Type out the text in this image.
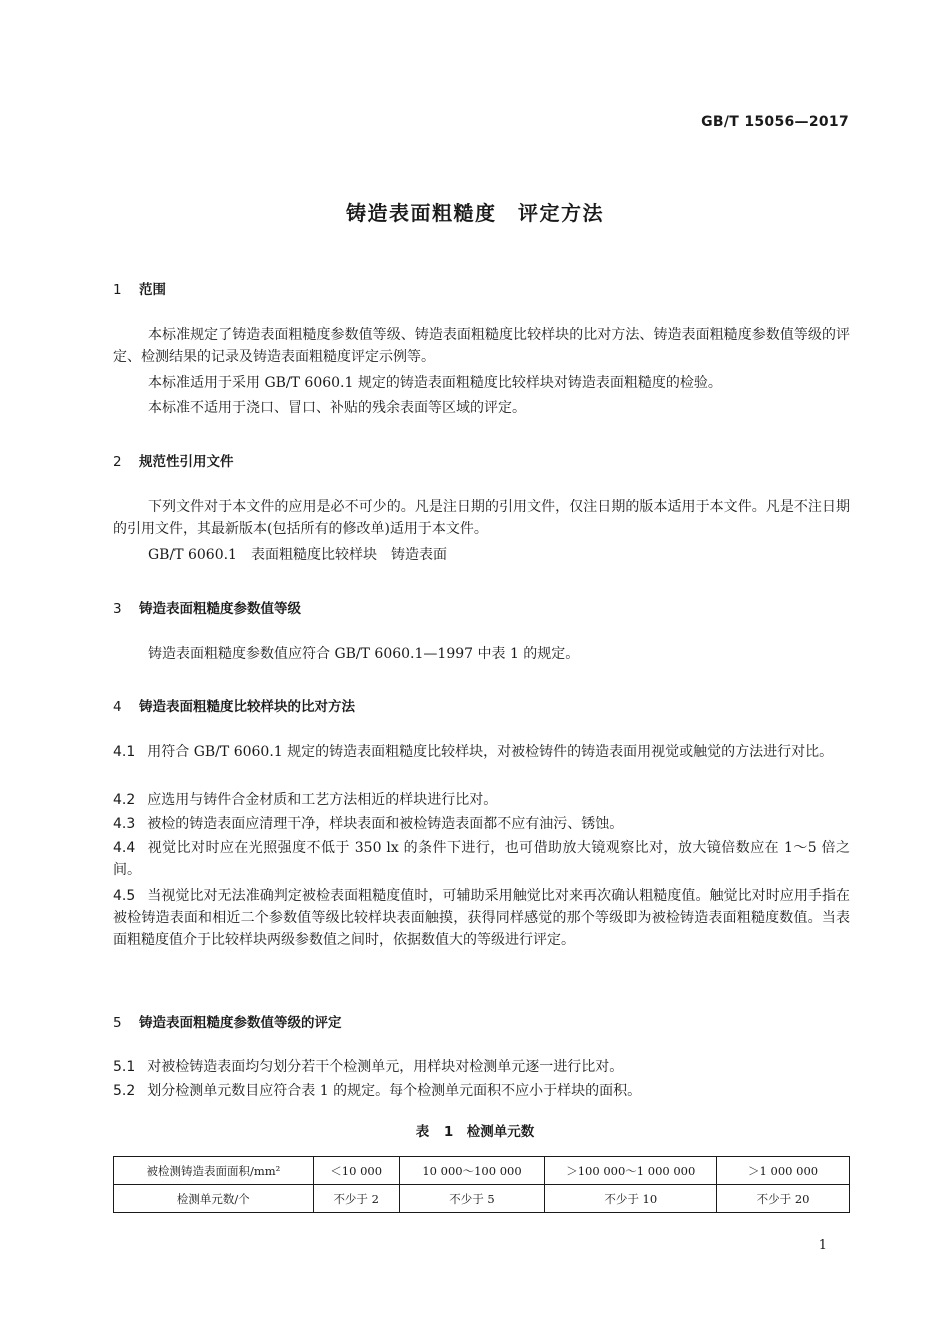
GB/T 15056—2017
铸造表面粗糙度　评定方法
1 范围
本标准规定了铸造表面粗糙度参数值等级、铸造表面粗糙度比较样块的比对方法、铸造表面粗糙度参数值等级的评定、检测结果的记录及铸造表面粗糙度评定示例等。
本标准适用于采用 GB/T 6060.1 规定的铸造表面粗糙度比较样块对铸造表面粗糙度的检验。
本标准不适用于浇口、冒口、补贴的残余表面等区域的评定。
2 规范性引用文件
下列文件对于本文件的应用是必不可少的。凡是注日期的引用文件，仅注日期的版本适用于本文件。凡是不注日期的引用文件，其最新版本(包括所有的修改单)适用于本文件。
GB/T 6060.1　表面粗糙度比较样块　铸造表面
3 铸造表面粗糙度参数值等级
铸造表面粗糙度参数值应符合 GB/T 6060.1—1997 中表 1 的规定。
4 铸造表面粗糙度比较样块的比对方法
4.1 用符合 GB/T 6060.1 规定的铸造表面粗糙度比较样块，对被检铸件的铸造表面用视觉或触觉的方法进行对比。
4.2 应选用与铸件合金材质和工艺方法相近的样块进行比对。
4.3 被检的铸造表面应清理干净，样块表面和被检铸造表面都不应有油污、锈蚀。
4.4 视觉比对时应在光照强度不低于 350 lx 的条件下进行，也可借助放大镜观察比对，放大镜倍数应在 1～5 倍之间。
4.5 当视觉比对无法准确判定被检表面粗糙度值时，可辅助采用触觉比对来再次确认粗糙度值。触觉比对时应用手指在被检铸造表面和相近二个参数值等级比较样块表面触摸，获得同样感觉的那个等级即为被检铸造表面粗糙度数值。当表面粗糙度值介于比较样块两级参数值之间时，依据数值大的等级进行评定。
5 铸造表面粗糙度参数值等级的评定
5.1 对被检铸造表面均匀划分若干个检测单元，用样块对检测单元逐一进行比对。
5.2 划分检测单元数目应符合表 1 的规定。每个检测单元面积不应小于样块的面积。
表 1　检测单元数
被检测铸造表面面积/mm²	＜10 000	10 000～100 000	＞100 000～1 000 000	＞1 000 000
检测单元数/个	不少于 2	不少于 5	不少于 10	不少于 20
1
